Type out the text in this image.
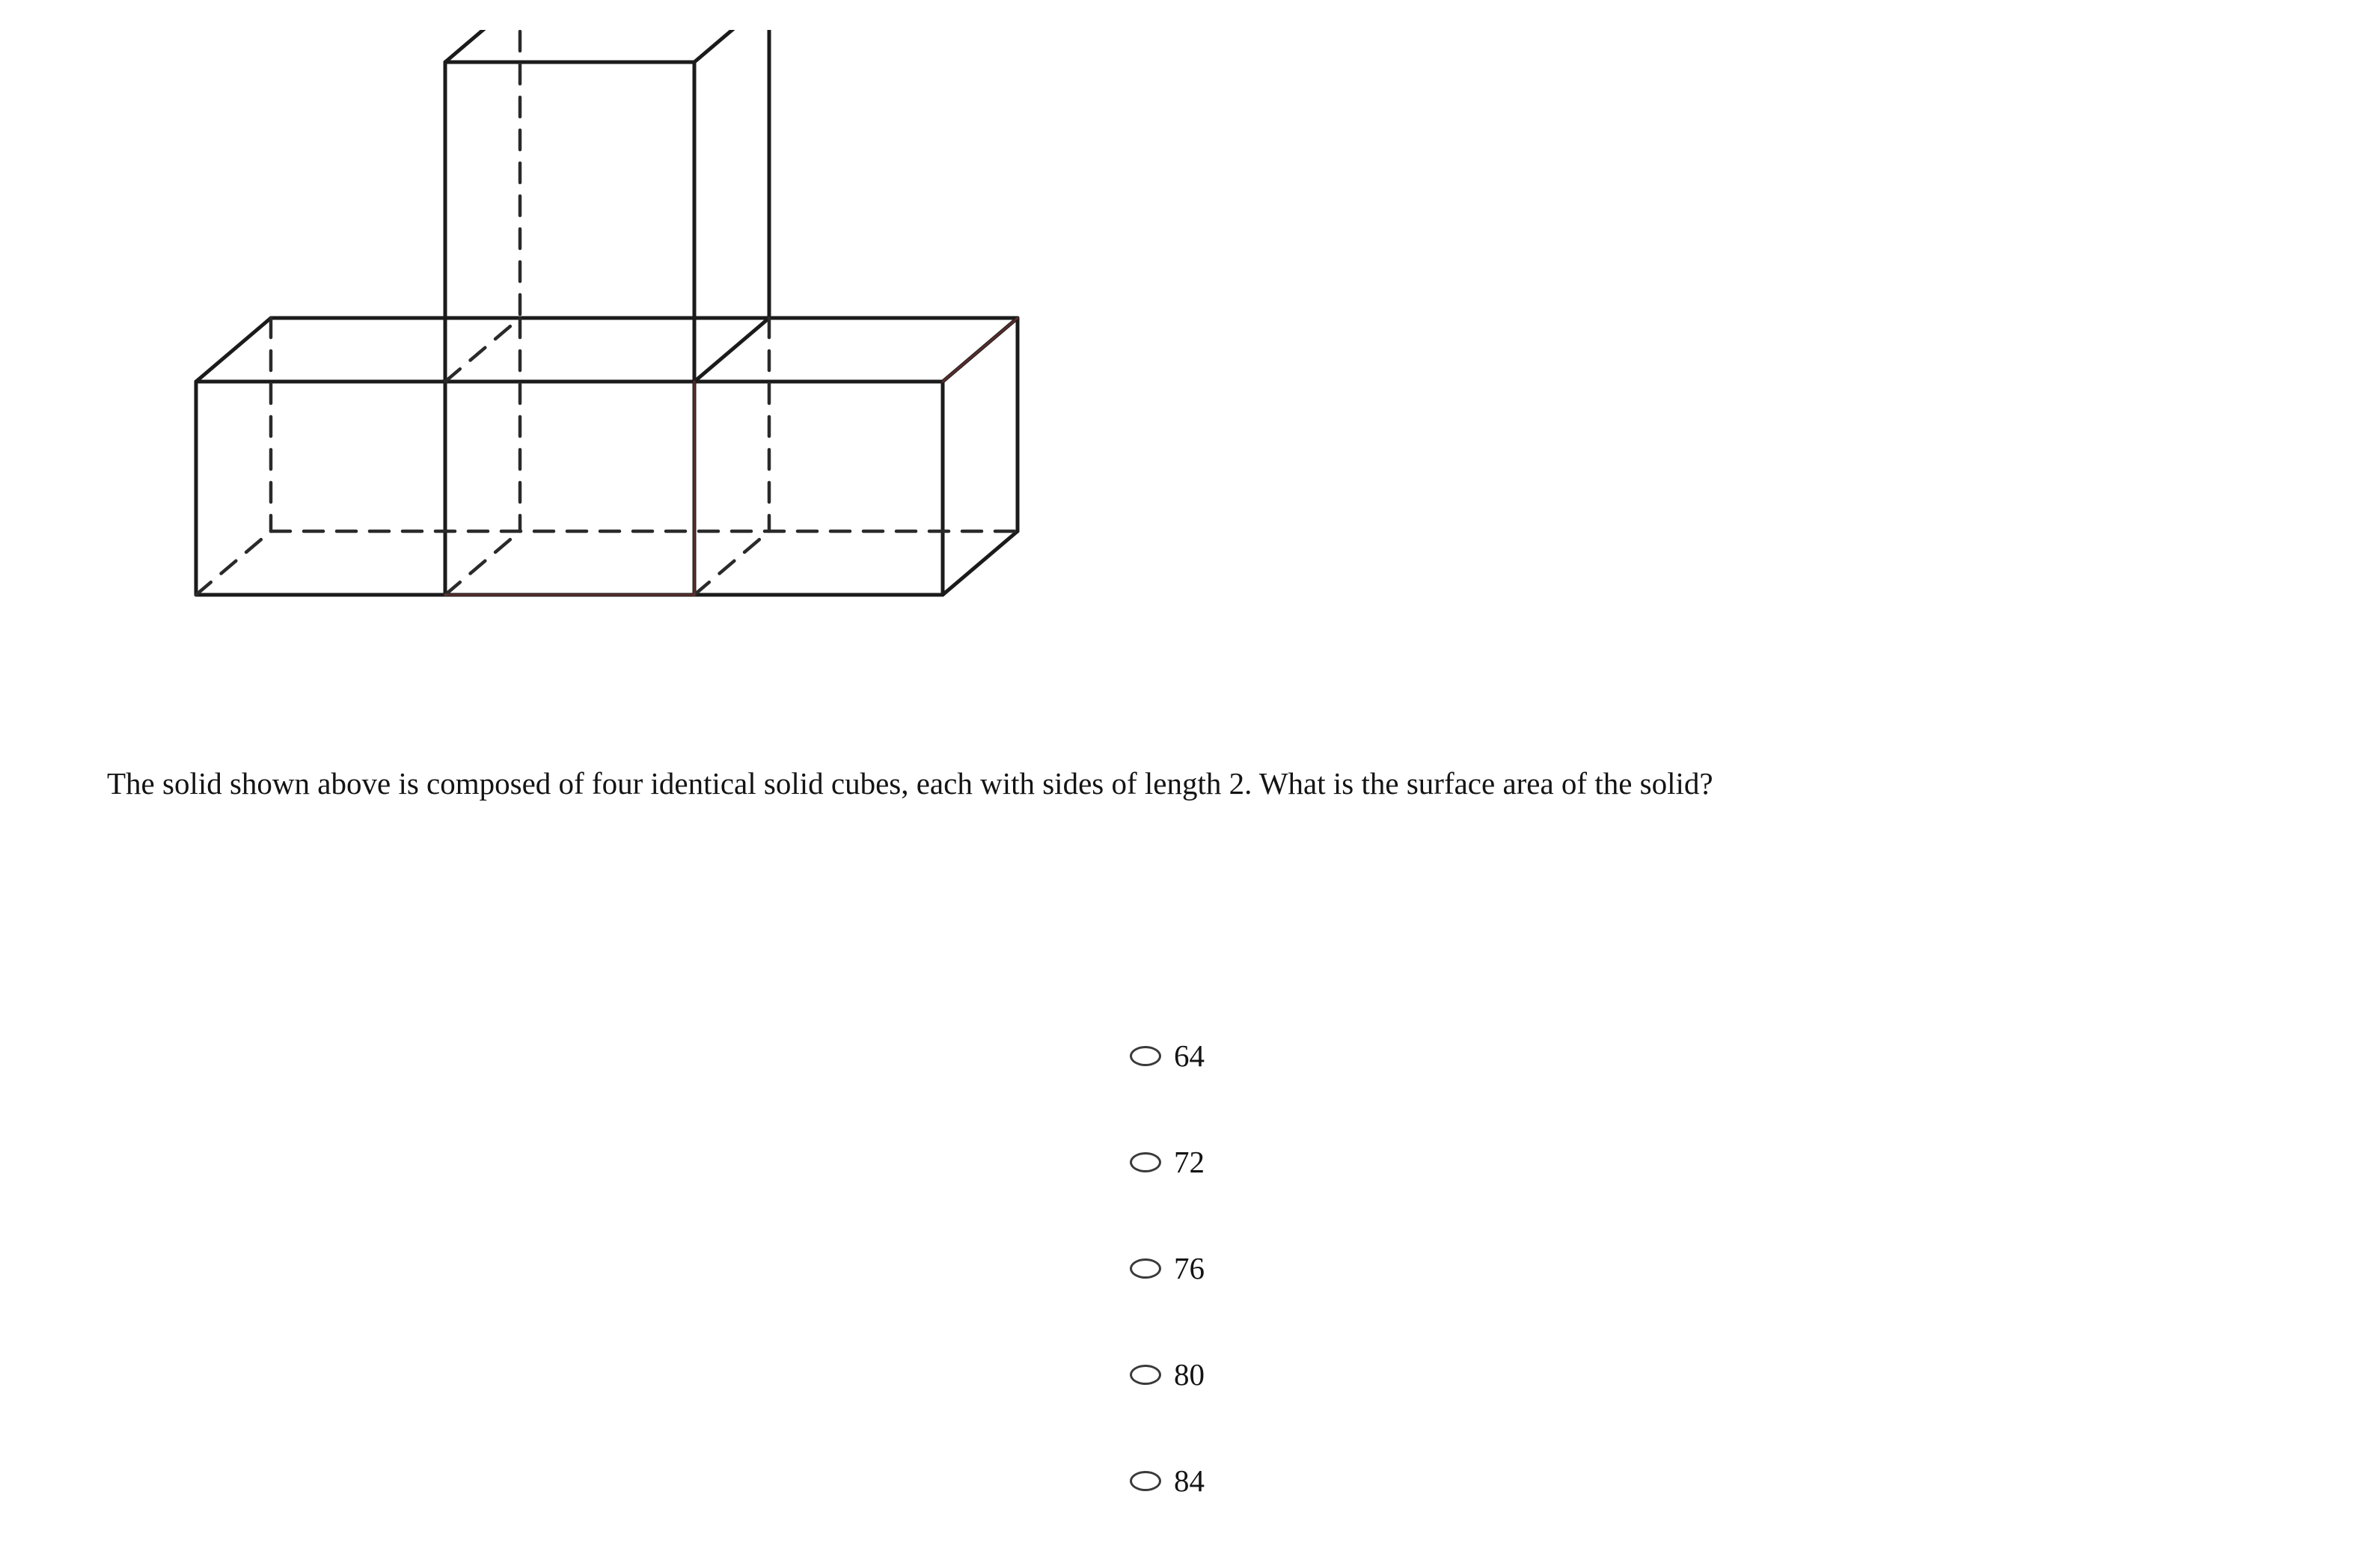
The solid shown above is composed of four identical solid cubes, each with sides of length 2. What is the surface area of the solid?
64
72
76
80
84
